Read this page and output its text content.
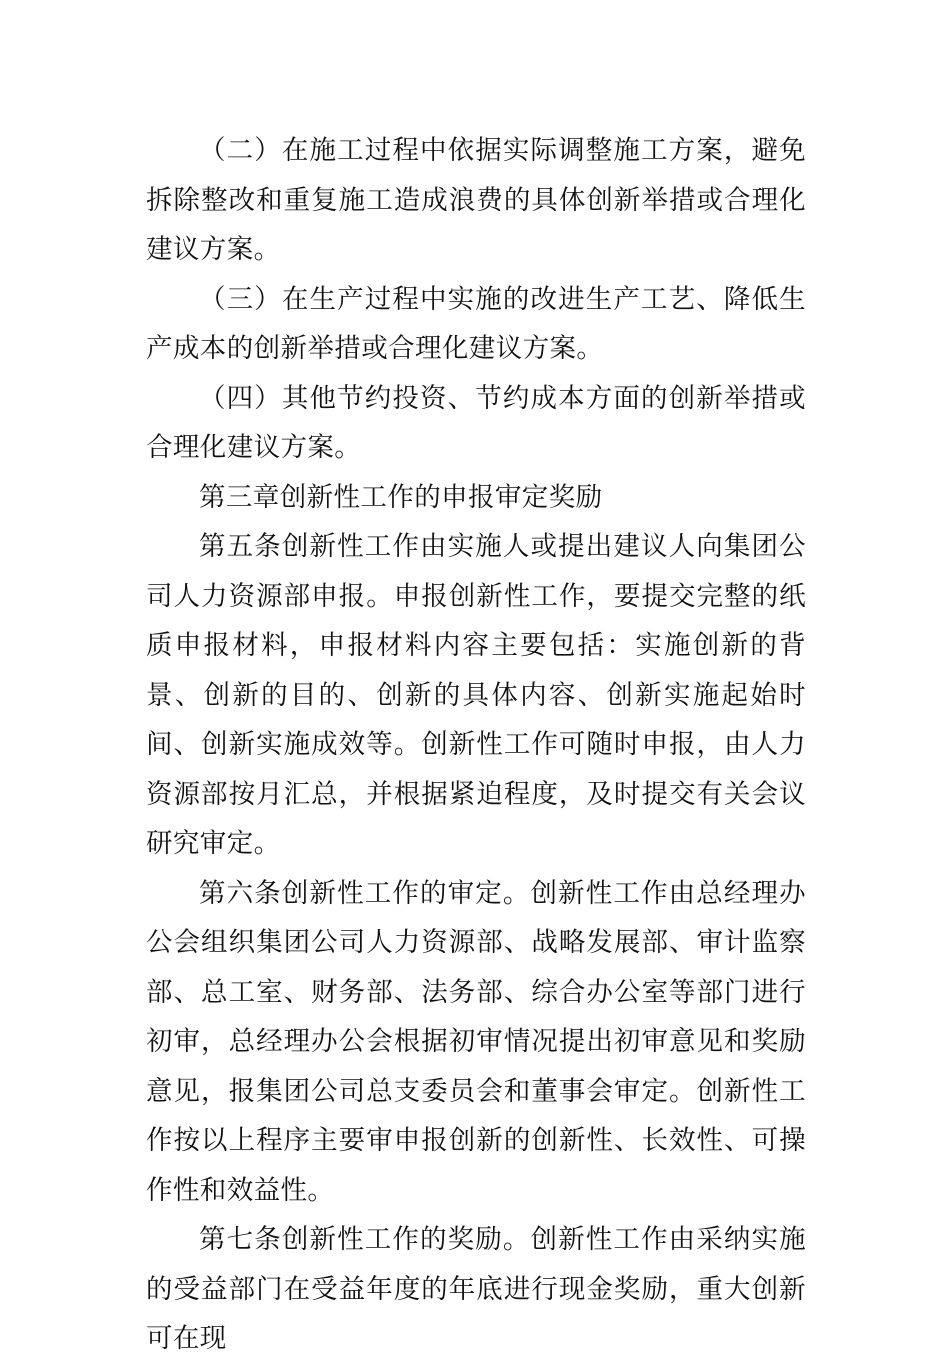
（二）在施工过程中依据实际调整施工方案，避免拆除整改和重复施工造成浪费的具体创新举措或合理化建议方案。

（三）在生产过程中实施的改进生产工艺、降低生产成本的创新举措或合理化建议方案。

（四）其他节约投资、节约成本方面的创新举措或合理化建议方案。

第三章创新性工作的申报审定奖励

第五条创新性工作由实施人或提出建议人向集团公司人力资源部申报。申报创新性工作，要提交完整的纸质申报材料，申报材料内容主要包括：实施创新的背景、创新的目的、创新的具体内容、创新实施起始时间、创新实施成效等。创新性工作可随时申报，由人力资源部按月汇总，并根据紧迫程度，及时提交有关会议研究审定。

第六条创新性工作的审定。创新性工作由总经理办公会组织集团公司人力资源部、战略发展部、审计监察部、总工室、财务部、法务部、综合办公室等部门进行初审，总经理办公会根据初审情况提出初审意见和奖励意见，报集团公司总支委员会和董事会审定。创新性工作按以上程序主要审申报创新的创新性、长效性、可操作性和效益性。

第七条创新性工作的奖励。创新性工作由采纳实施的受益部门在受益年度的年底进行现金奖励，重大创新可在现
